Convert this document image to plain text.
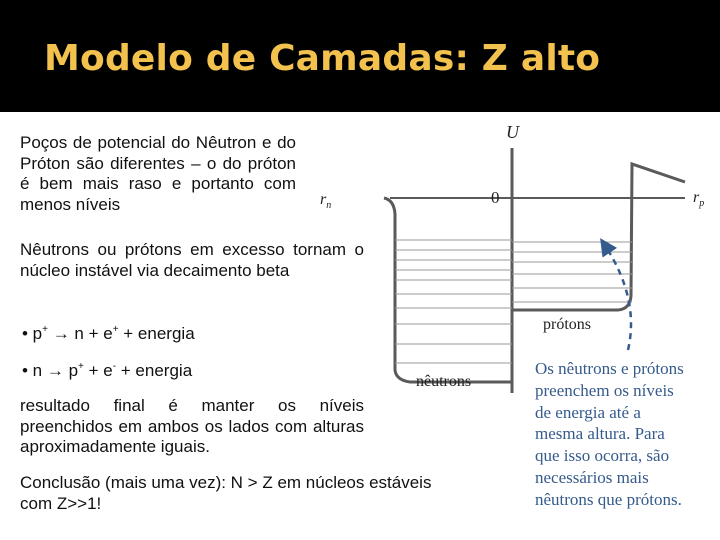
Modelo de Camadas: Z alto
Poços de potencial do Nêutron e do Próton são diferentes – o do próton é bem mais raso e portanto com menos níveis
Nêutrons ou prótons em excesso tornam o núcleo instável via decaimento beta
• p+ → n + e+ + energia
• n → p+ + e- + energia
resultado final é manter os níveis preenchidos em ambos os lados com alturas aproximadamente iguais.
Conclusão (mais uma vez): N > Z em núcleos estáveis com Z>>1!
U
0
$r_n$	$r_p$
prótons
nêutrons
Os nêutrons e prótons
preenchem os níveis
de energia até a
mesma altura. Para
que isso ocorra, são
necessários mais
nêutrons que prótons.
